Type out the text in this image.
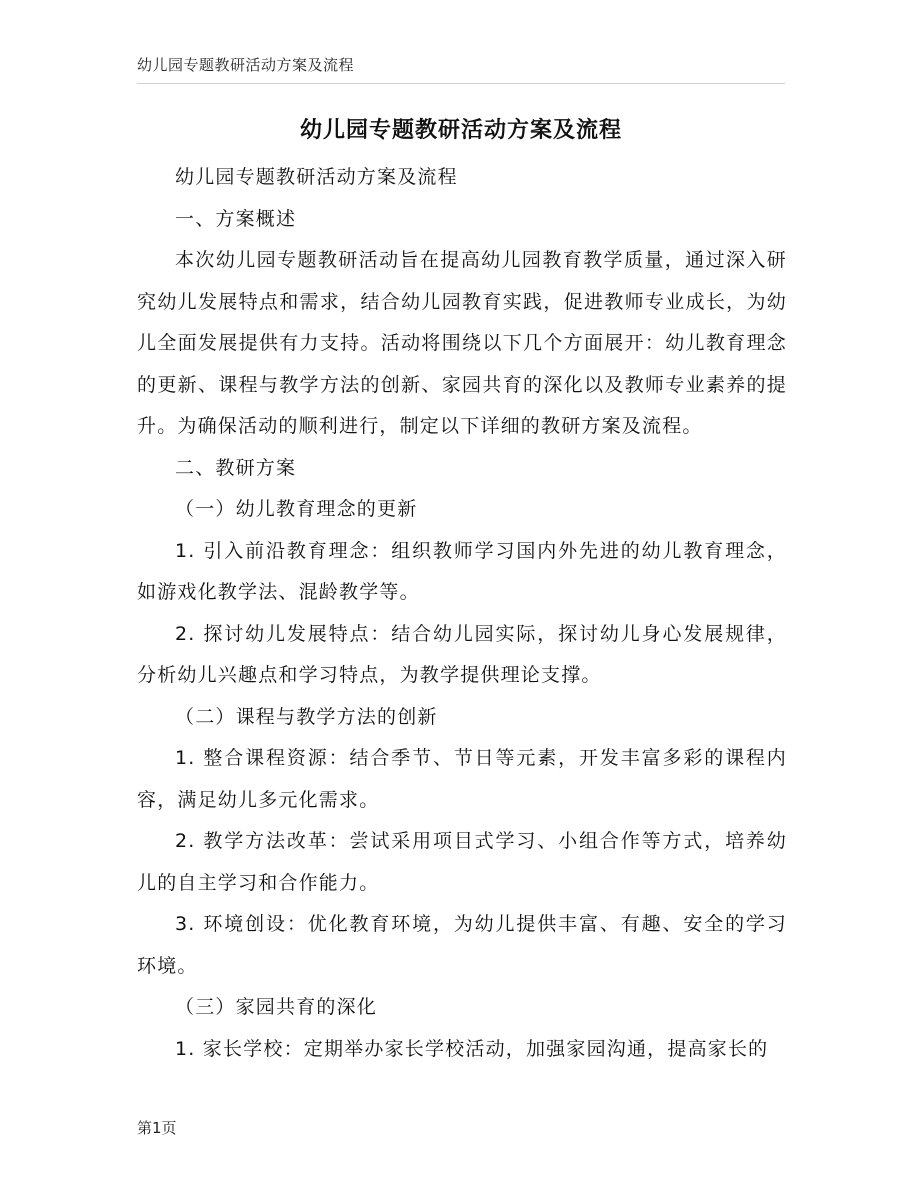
幼儿园专题教研活动方案及流程
幼儿园专题教研活动方案及流程

幼儿园专题教研活动方案及流程

一、方案概述

本次幼儿园专题教研活动旨在提高幼儿园教育教学质量，通过深入研究幼儿发展特点和需求，结合幼儿园教育实践，促进教师专业成长，为幼儿全面发展提供有力支持。活动将围绕以下几个方面展开：幼儿教育理念的更新、课程与教学方法的创新、家园共育的深化以及教师专业素养的提升。为确保活动的顺利进行，制定以下详细的教研方案及流程。

二、教研方案

（一）幼儿教育理念的更新

1. 引入前沿教育理念：组织教师学习国内外先进的幼儿教育理念，如游戏化教学法、混龄教学等。

2. 探讨幼儿发展特点：结合幼儿园实际，探讨幼儿身心发展规律，分析幼儿兴趣点和学习特点，为教学提供理论支撑。

（二）课程与教学方法的创新

1. 整合课程资源：结合季节、节日等元素，开发丰富多彩的课程内容，满足幼儿多元化需求。

2. 教学方法改革：尝试采用项目式学习、小组合作等方式，培养幼儿的自主学习和合作能力。

3. 环境创设：优化教育环境，为幼儿提供丰富、有趣、安全的学习环境。

（三）家园共育的深化

1. 家长学校：定期举办家长学校活动，加强家园沟通，提高家长的

第1页
